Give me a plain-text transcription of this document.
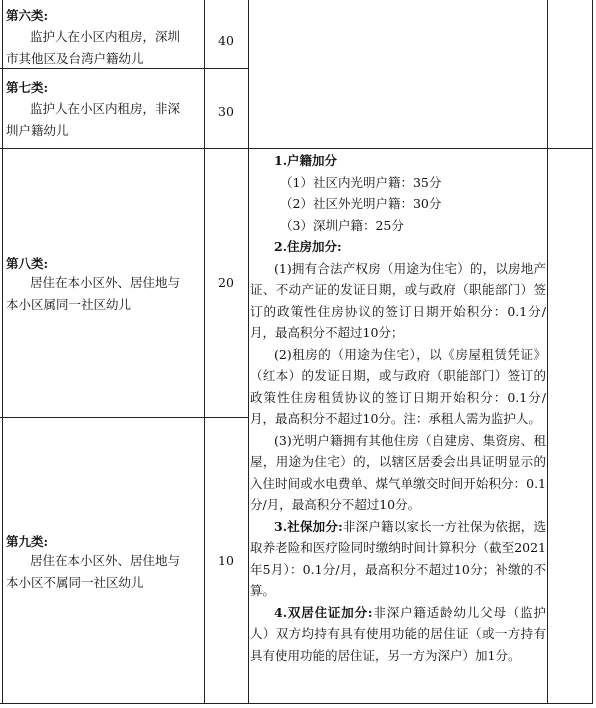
第六类:
监护人在小区内租房，深圳
市其他区及台湾户籍幼儿
40
第七类:
监护人在小区内租房，非深
圳户籍幼儿
30
第八类:
居住在本小区外、居住地与
本小区属同一社区幼儿
20
第九类:
居住在本小区外、居住地与
本小区不属同一社区幼儿
10
1.户籍加分
（1）社区内光明户籍：35分
（2）社区外光明户籍：30分
（3）深圳户籍：25分
2.住房加分:
(1)拥有合法产权房（用途为住宅）的，以房地产证、不动产证的发证日期，或与政府（职能部门）签订的政策性住房协议的签订日期开始积分：0.1分/月，最高积分不超过10分；
(2)租房的（用途为住宅），以《房屋租赁凭证》（红本）的发证日期，或与政府（职能部门）签订的政策性住房租赁协议的签订日期开始积分：0.1分/月，最高积分不超过10分。注：承租人需为监护人。
(3)光明户籍拥有其他住房（自建房、集资房、租屋，用途为住宅）的，以辖区居委会出具证明显示的入住时间或水电费单、煤气单缴交时间开始积分：0.1分/月，最高积分不超过10分。
3.社保加分:非深户籍以家长一方社保为依据，选取养老险和医疗险同时缴纳时间计算积分（截至2021年5月）：0.1分/月，最高积分不超过10分；补缴的不算。
4.双居住证加分:非深户籍适龄幼儿父母（监护人）双方均持有具有使用功能的居住证（或一方持有具有使用功能的居住证，另一方为深户）加1分。
